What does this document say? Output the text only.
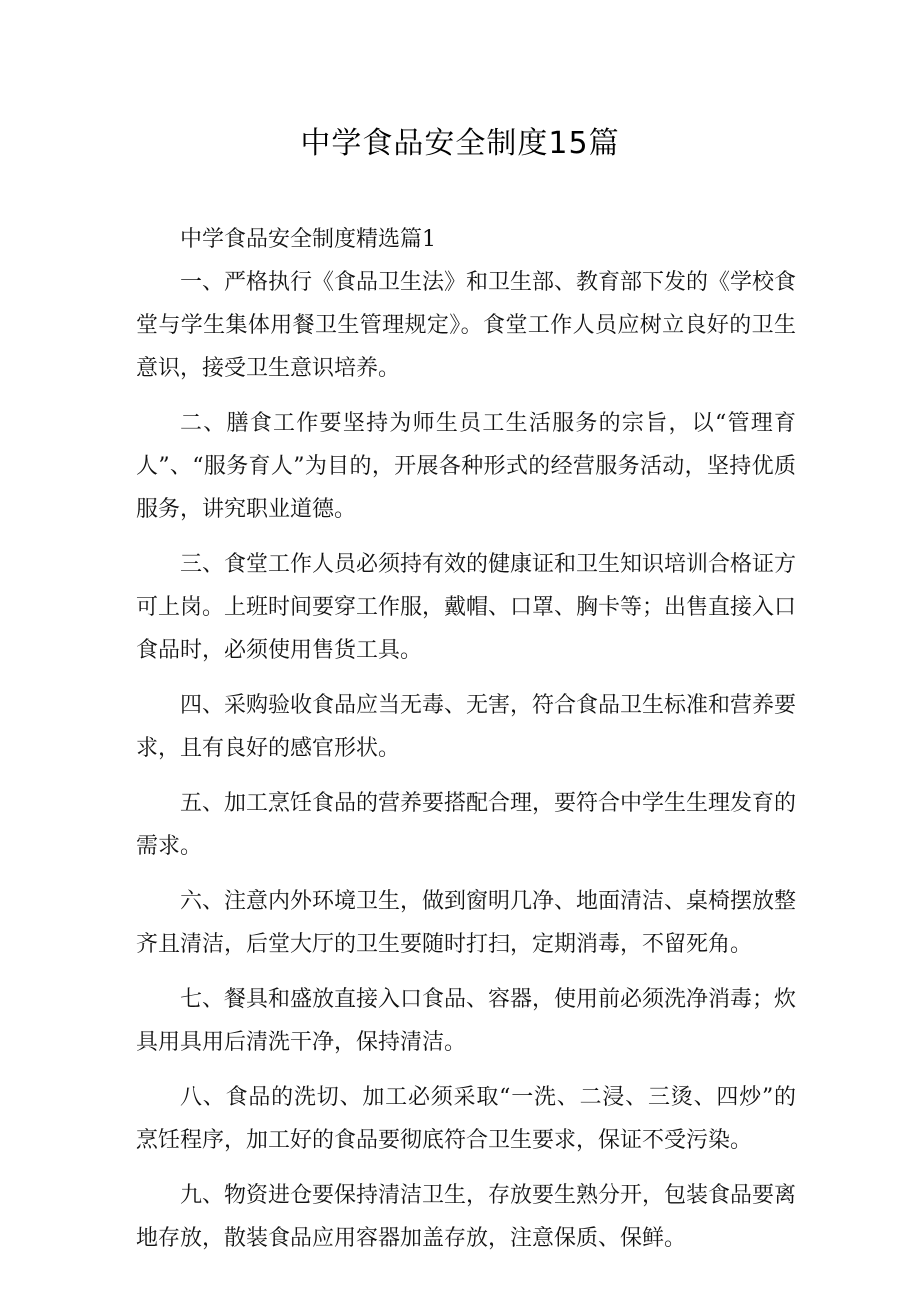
中学食品安全制度15篇

中学食品安全制度精选篇1

一、严格执行《食品卫生法》和卫生部、教育部下发的《学校食堂与学生集体用餐卫生管理规定》。食堂工作人员应树立良好的卫生意识，接受卫生意识培养。

二、膳食工作要坚持为师生员工生活服务的宗旨，以“管理育人”、“服务育人”为目的，开展各种形式的经营服务活动，坚持优质服务，讲究职业道德。

三、食堂工作人员必须持有效的健康证和卫生知识培训合格证方可上岗。上班时间要穿工作服，戴帽、口罩、胸卡等；出售直接入口食品时，必须使用售货工具。

四、采购验收食品应当无毒、无害，符合食品卫生标准和营养要求，且有良好的感官形状。

五、加工烹饪食品的营养要搭配合理，要符合中学生生理发育的需求。

六、注意内外环境卫生，做到窗明几净、地面清洁、桌椅摆放整齐且清洁，后堂大厅的卫生要随时打扫，定期消毒，不留死角。

七、餐具和盛放直接入口食品、容器，使用前必须洗净消毒；炊具用具用后清洗干净，保持清洁。

八、食品的洗切、加工必须采取“一洗、二浸、三烫、四炒”的烹饪程序，加工好的食品要彻底符合卫生要求，保证不受污染。

九、物资进仓要保持清洁卫生，存放要生熟分开，包装食品要离地存放，散装食品应用容器加盖存放，注意保质、保鲜。
